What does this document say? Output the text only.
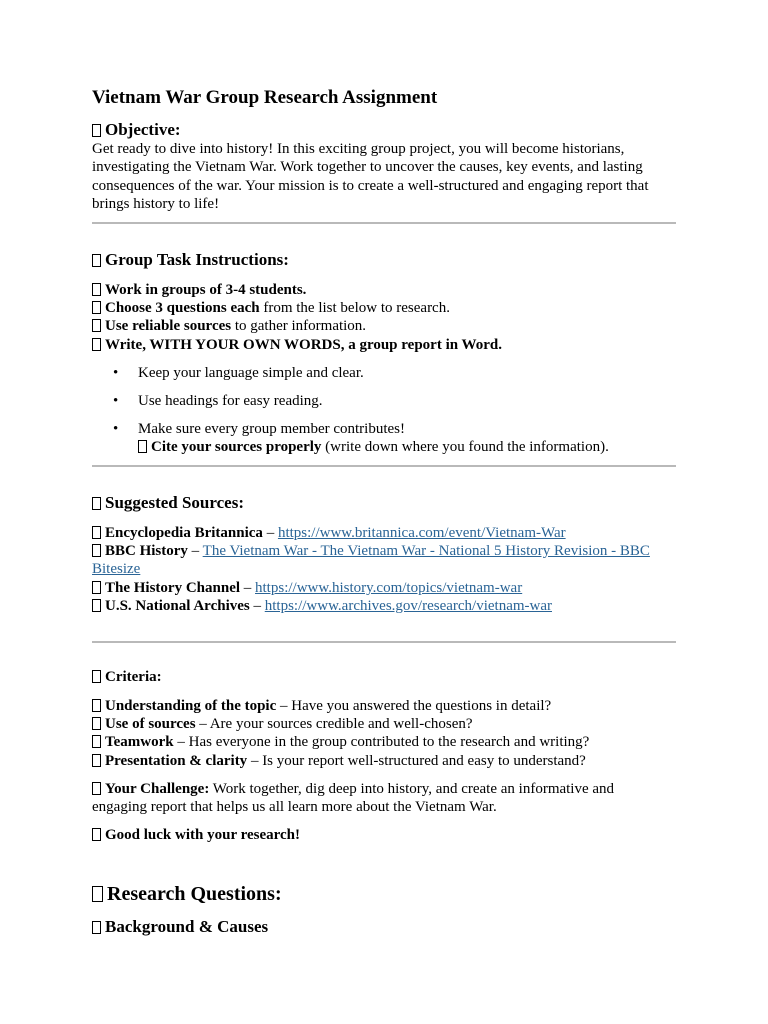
Vietnam War Group Research Assignment
Objective:

Get ready to dive into history! In this exciting group project, you will become historians, investigating the Vietnam War. Work together to uncover the causes, key events, and lasting consequences of the war. Your mission is to create a well-structured and engaging report that brings history to life!

Group Task Instructions:
Work in groups of 3-4 students.
Choose 3 questions each from the list below to research.
Use reliable sources to gather information.
Write, WITH YOUR OWN WORDS, a group report in Word.
• Keep your language simple and clear.
• Use headings for easy reading.
• Make sure every group member contributes!
Cite your sources properly (write down where you found the information).
Suggested Sources:
Encyclopedia Britannica – https://www.britannica.com/event/Vietnam-War
BBC History – The Vietnam War - The Vietnam War - National 5 History Revision - BBC
Bitesize
The History Channel – https://www.history.com/topics/vietnam-war
U.S. National Archives – https://www.archives.gov/research/vietnam-war
Criteria:
Understanding of the topic – Have you answered the questions in detail?
Use of sources – Are your sources credible and well-chosen?
Teamwork – Has everyone in the group contributed to the research and writing?
Presentation & clarity – Is your report well-structured and easy to understand?
Your Challenge: Work together, dig deep into history, and create an informative and
engaging report that helps us all learn more about the Vietnam War.
Good luck with your research!
Research Questions:
Background & Causes
